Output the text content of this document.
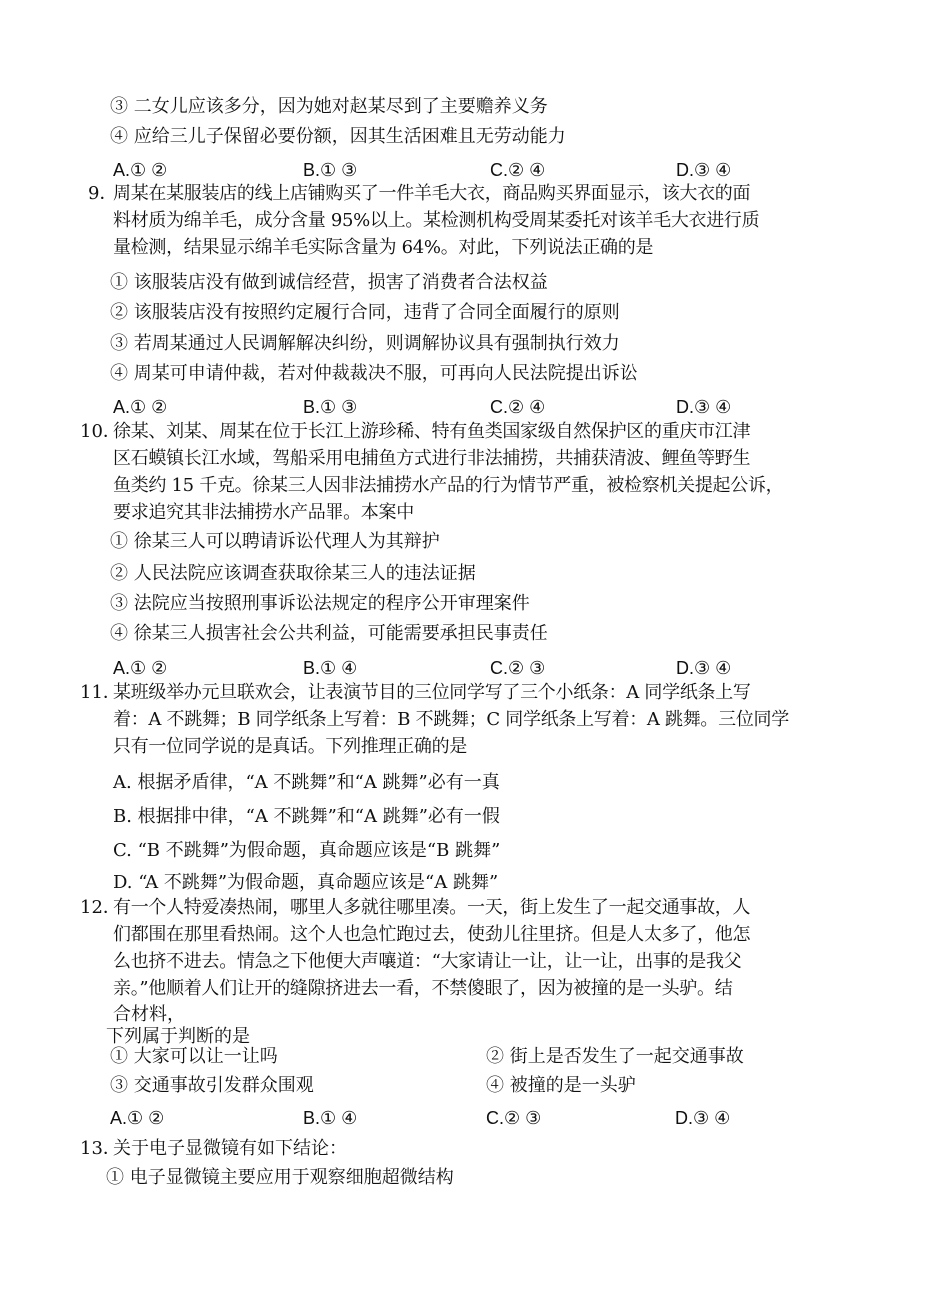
③ 二女儿应该多分，因为她对赵某尽到了主要赡养义务
④ 应给三儿子保留必要份额，因其生活困难且无劳动能力
A.① ②	B.① ③	C.② ④	D.③ ④
9．
周某在某服装店的线上店铺购买了一件羊毛大衣，商品购买界面显示，该大衣的面
料材质为绵羊毛，成分含量 95%以上。某检测机构受周某委托对该羊毛大衣进行质
量检测，结果显示绵羊毛实际含量为 64%。对此，下列说法正确的是
① 该服装店没有做到诚信经营，损害了消费者合法权益
② 该服装店没有按照约定履行合同，违背了合同全面履行的原则
③ 若周某通过人民调解解决纠纷，则调解协议具有强制执行效力
④ 周某可申请仲裁，若对仲裁裁决不服，可再向人民法院提出诉讼
A.① ②	B.① ③	C.② ④	D.③ ④
10．
徐某、刘某、周某在位于长江上游珍稀、特有鱼类国家级自然保护区的重庆市江津
区石蟆镇长江水域，驾船采用电捕鱼方式进行非法捕捞，共捕获清波、鲤鱼等野生
鱼类约 15 千克。徐某三人因非法捕捞水产品的行为情节严重，被检察机关提起公诉，
要求追究其非法捕捞水产品罪。本案中
① 徐某三人可以聘请诉讼代理人为其辩护
② 人民法院应该调查获取徐某三人的违法证据
③ 法院应当按照刑事诉讼法规定的程序公开审理案件
④ 徐某三人损害社会公共利益，可能需要承担民事责任
A.① ②	B.① ④	C.② ③	D.③ ④
11．
某班级举办元旦联欢会，让表演节目的三位同学写了三个小纸条：A 同学纸条上写
着：A 不跳舞；B 同学纸条上写着：B 不跳舞；C 同学纸条上写着：A 跳舞。三位同学
只有一位同学说的是真话。下列推理正确的是
A. 根据矛盾律，“A 不跳舞”和“A 跳舞”必有一真
B. 根据排中律，“A 不跳舞”和“A 跳舞”必有一假
C. “B 不跳舞”为假命题，真命题应该是“B 跳舞”
D. “A 不跳舞”为假命题，真命题应该是“A 跳舞”
12．
有一个人特爱凑热闹，哪里人多就往哪里凑。一天，街上发生了一起交通事故，人
们都围在那里看热闹。这个人也急忙跑过去，使劲儿往里挤。但是人太多了，他怎
么也挤不进去。情急之下他便大声嚷道：“大家请让一让，让一让，出事的是我父
亲。”他顺着人们让开的缝隙挤进去一看，不禁傻眼了，因为被撞的是一头驴。结
合材料，
下列属于判断的是
① 大家可以让一让吗	② 街上是否发生了一起交通事故
③ 交通事故引发群众围观	④ 被撞的是一头驴
A.① ②	B.① ④	C.② ③	D.③ ④
13．
关于电子显微镜有如下结论：
① 电子显微镜主要应用于观察细胞超微结构
